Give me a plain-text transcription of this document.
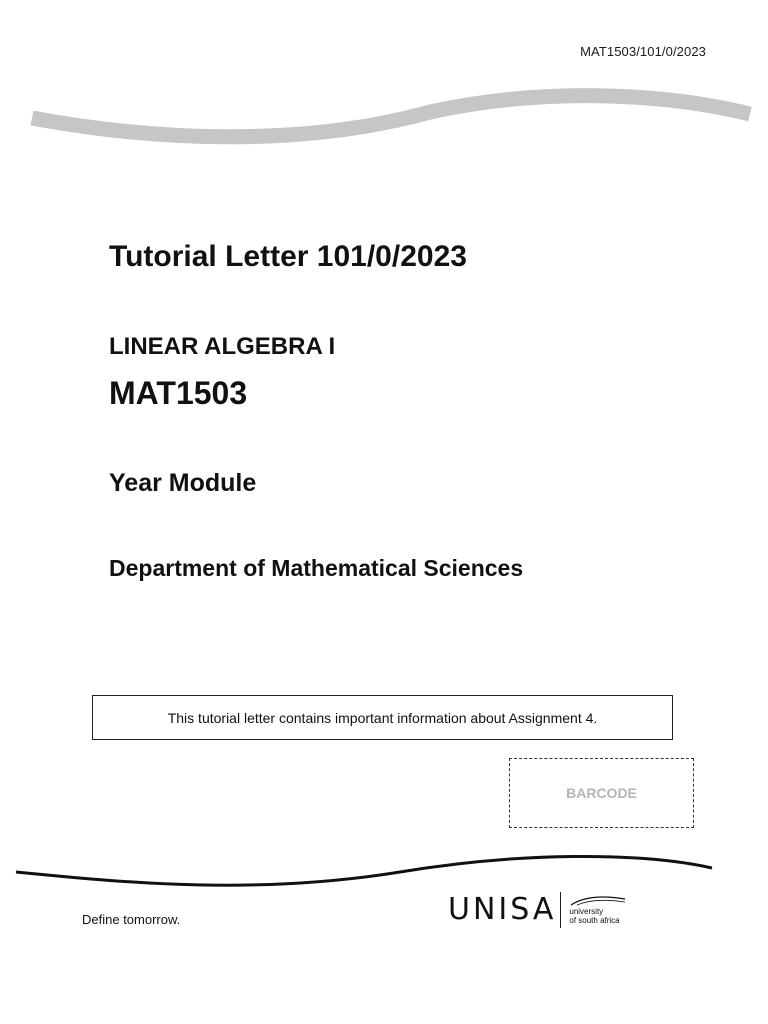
MAT1503/101/0/2023
Tutorial Letter 101/0/2023
LINEAR ALGEBRA I
MAT1503
Year Module
Department of Mathematical Sciences
This tutorial letter contains important information about Assignment 4.
BARCODE
Define tomorrow.	UNISA university
of south africa
